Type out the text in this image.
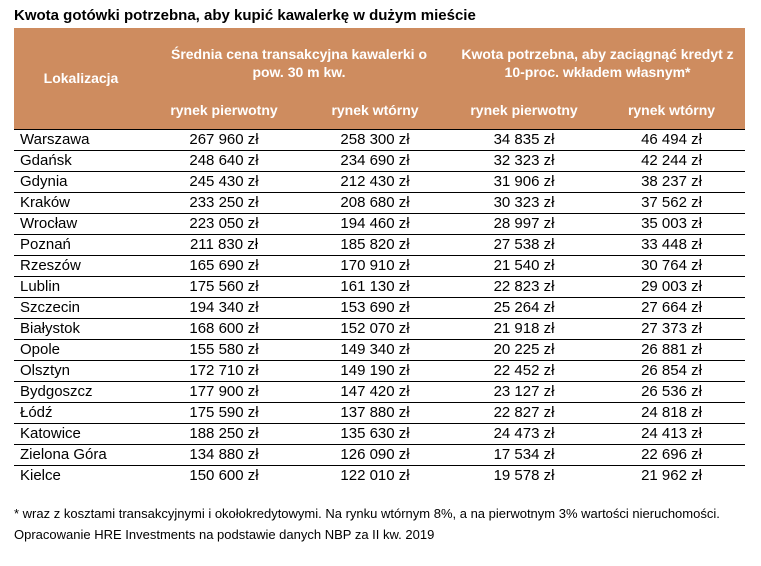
Kwota gotówki potrzebna, aby kupić kawalerkę w dużym mieście
Lokalizacja	Średnia cena transakcyjna kawalerki o pow. 30 m kw.		Kwota potrzebna, aby zaciągnąć kredyt z 10-proc. wkładem własnym*	
	rynek pierwotny	rynek wtórny	rynek pierwotny	rynek wtórny
Warszawa	267 960 zł	258 300 zł	34 835 zł	46 494 zł
Gdańsk	248 640 zł	234 690 zł	32 323 zł	42 244 zł
Gdynia	245 430 zł	212 430 zł	31 906 zł	38 237 zł
Kraków	233 250 zł	208 680 zł	30 323 zł	37 562 zł
Wrocław	223 050 zł	194 460 zł	28 997 zł	35 003 zł
Poznań	211 830 zł	185 820 zł	27 538 zł	33 448 zł
Rzeszów	165 690 zł	170 910 zł	21 540 zł	30 764 zł
Lublin	175 560 zł	161 130 zł	22 823 zł	29 003 zł
Szczecin	194 340 zł	153 690 zł	25 264 zł	27 664 zł
Białystok	168 600 zł	152 070 zł	21 918 zł	27 373 zł
Opole	155 580 zł	149 340 zł	20 225 zł	26 881 zł
Olsztyn	172 710 zł	149 190 zł	22 452 zł	26 854 zł
Bydgoszcz	177 900 zł	147 420 zł	23 127 zł	26 536 zł
Łódź	175 590 zł	137 880 zł	22 827 zł	24 818 zł
Katowice	188 250 zł	135 630 zł	24 473 zł	24 413 zł
Zielona Góra	134 880 zł	126 090 zł	17 534 zł	22 696 zł
Kielce	150 600 zł	122 010 zł	19 578 zł	21 962 zł
* wraz z kosztami transakcyjnymi i okołokredytowymi. Na rynku wtórnym 8%, a na pierwotnym 3% wartości nieruchomości.
Opracowanie HRE Investments na podstawie danych NBP za II kw. 2019
